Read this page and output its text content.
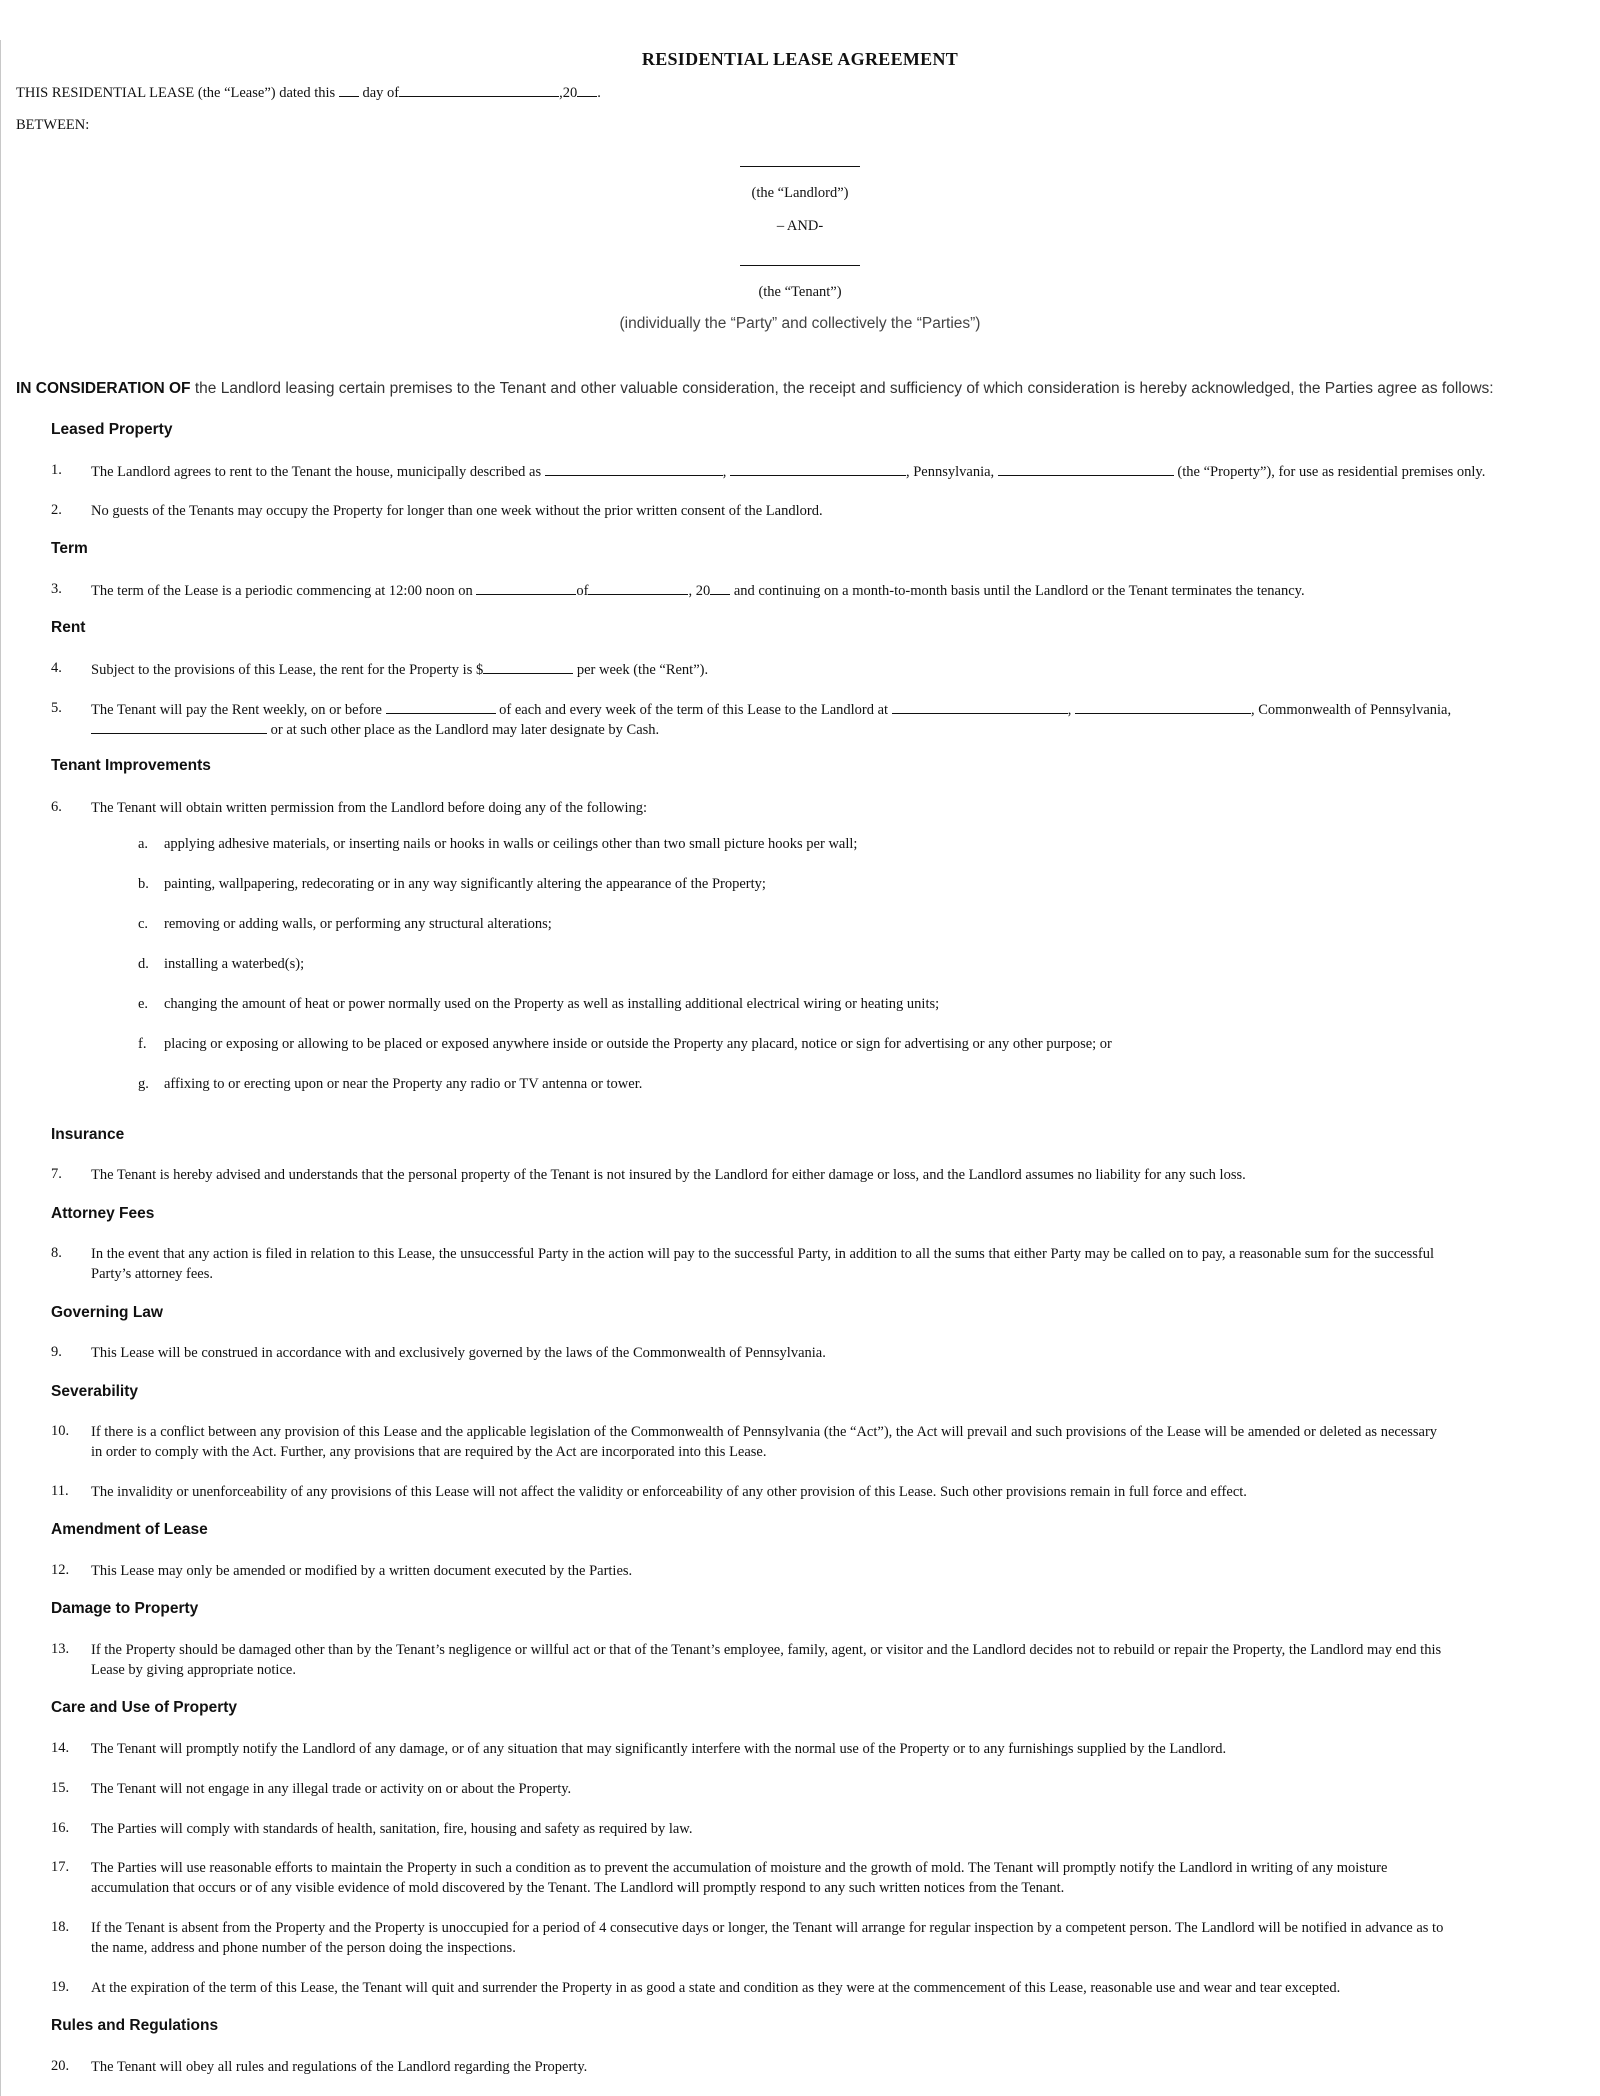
RESIDENTIAL LEASE AGREEMENT
THIS RESIDENTIAL LEASE (the “Lease”) dated this day of	,20 .
BETWEEN:
(the “Landlord”)
– AND-
(the “Tenant”)
(individually the “Party” and collectively the “Parties”)
IN CONSIDERATION OF the Landlord leasing certain premises to the Tenant and other valuable consideration, the receipt and sufficiency of which consideration is hereby acknowledged, the Parties agree as follows:
Leased Property
1. The Landlord agrees to rent to the Tenant the house, municipally described as	,	, Pennsylvania,	(the “Property”), for use as residential premises only.
2. No guests of the Tenants may occupy the Property for longer than one week without the prior written consent of the Landlord.
Term
3. The term of the Lease is a periodic commencing at 12:00 noon on	of	, 20 and continuing on a month-to-month basis until the Landlord or the Tenant terminates the tenancy.
Rent
4. Subject to the provisions of this Lease, the rent for the Property is $	per week (the “Rent”).
5. The Tenant will pay the Rent weekly, on or before	of each and every week of the term of this Lease to the Landlord at	,	, Commonwealth of Pennsylvania,
or at such other place as the Landlord may later designate by Cash.
Tenant Improvements
6. The Tenant will obtain written permission from the Landlord before doing any of the following:
a. applying adhesive materials, or inserting nails or hooks in walls or ceilings other than two small picture hooks per wall;
b. painting, wallpapering, redecorating or in any way significantly altering the appearance of the Property;
c. removing or adding walls, or performing any structural alterations;
d. installing a waterbed(s);
e. changing the amount of heat or power normally used on the Property as well as installing additional electrical wiring or heating units;
f. placing or exposing or allowing to be placed or exposed anywhere inside or outside the Property any placard, notice or sign for advertising or any other purpose; or
g. affixing to or erecting upon or near the Property any radio or TV antenna or tower.
Insurance
7. The Tenant is hereby advised and understands that the personal property of the Tenant is not insured by the Landlord for either damage or loss, and the Landlord assumes no liability for any such loss.
Attorney Fees
8. In the event that any action is filed in relation to this Lease, the unsuccessful Party in the action will pay to the successful Party, in addition to all the sums that either Party may be called on to pay, a reasonable sum for the successful
Party’s attorney fees.
Governing Law
9. This Lease will be construed in accordance with and exclusively governed by the laws of the Commonwealth of Pennsylvania.
Severability
10. If there is a conflict between any provision of this Lease and the applicable legislation of the Commonwealth of Pennsylvania (the “Act”), the Act will prevail and such provisions of the Lease will be amended or deleted as necessary
in order to comply with the Act. Further, any provisions that are required by the Act are incorporated into this Lease.
11. The invalidity or unenforceability of any provisions of this Lease will not affect the validity or enforceability of any other provision of this Lease. Such other provisions remain in full force and effect.
Amendment of Lease
12. This Lease may only be amended or modified by a written document executed by the Parties.
Damage to Property
13. If the Property should be damaged other than by the Tenant’s negligence or willful act or that of the Tenant’s employee, family, agent, or visitor and the Landlord decides not to rebuild or repair the Property, the Landlord may end this
Lease by giving appropriate notice.
Care and Use of Property
14. The Tenant will promptly notify the Landlord of any damage, or of any situation that may significantly interfere with the normal use of the Property or to any furnishings supplied by the Landlord.
15. The Tenant will not engage in any illegal trade or activity on or about the Property.
16. The Parties will comply with standards of health, sanitation, fire, housing and safety as required by law.
17. The Parties will use reasonable efforts to maintain the Property in such a condition as to prevent the accumulation of moisture and the growth of mold. The Tenant will promptly notify the Landlord in writing of any moisture
accumulation that occurs or of any visible evidence of mold discovered by the Tenant. The Landlord will promptly respond to any such written notices from the Tenant.
18. If the Tenant is absent from the Property and the Property is unoccupied for a period of 4 consecutive days or longer, the Tenant will arrange for regular inspection by a competent person. The Landlord will be notified in advance as to
the name, address and phone number of the person doing the inspections.
19. At the expiration of the term of this Lease, the Tenant will quit and surrender the Property in as good a state and condition as they were at the commencement of this Lease, reasonable use and wear and tear excepted.
Rules and Regulations
20. The Tenant will obey all rules and regulations of the Landlord regarding the Property.
